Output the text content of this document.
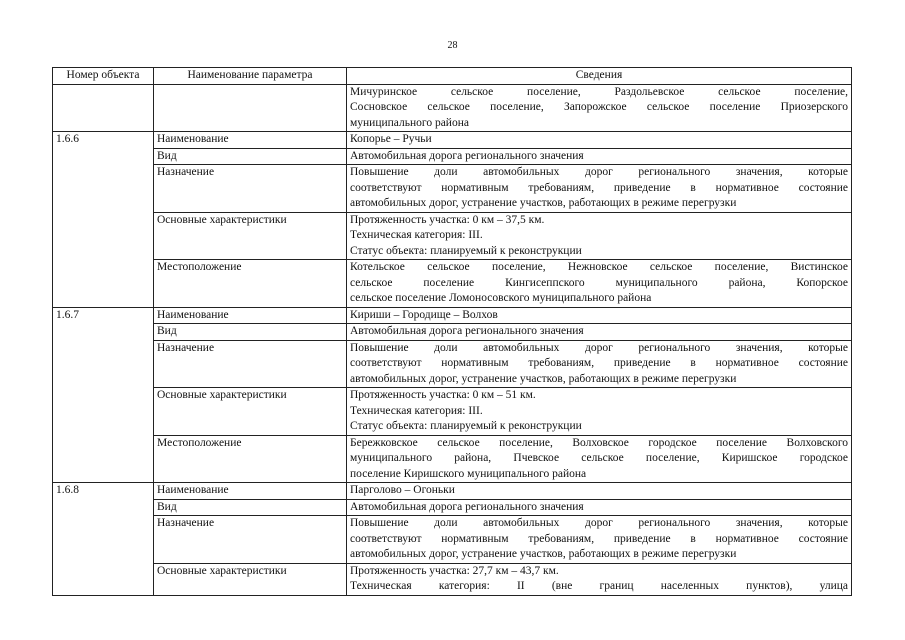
28
Номер объекта	Наименование параметра	Сведения

		Мичуринское сельское поселение, Раздольевское сельское поселение,
Сосновское сельское поселение, Запорожское сельское поселение Приозерского
муниципального района

1.6.6	Наименование	Копорье – Ручьи

	Вид	Автомобильная дорога регионального значения

	Назначение	Повышение доли автомобильных дорог регионального значения, которые
соответствуют нормативным требованиям, приведение в нормативное состояние
автомобильных дорог, устранение участков, работающих в режиме перегрузки

	Основные характеристики	Протяженность участка: 0 км – 37,5 км.
Техническая категория: III.
Статус объекта: планируемый к реконструкции

	Местоположение	Котельское сельское поселение, Нежновское сельское поселение, Вистинское
сельское поселение Кингисеппского муниципального района, Копорское
сельское поселение Ломоносовского муниципального района

1.6.7	Наименование	Кириши – Городище – Волхов

	Вид	Автомобильная дорога регионального значения

	Назначение	Повышение доли автомобильных дорог регионального значения, которые
соответствуют нормативным требованиям, приведение в нормативное состояние
автомобильных дорог, устранение участков, работающих в режиме перегрузки

	Основные характеристики	Протяженность участка: 0 км – 51 км.
Техническая категория: III.
Статус объекта: планируемый к реконструкции

	Местоположение	Бережковское сельское поселение, Волховское городское поселение Волховского
муниципального района, Пчевское сельское поселение, Киришское городское
поселение Киришского муниципального района

1.6.8	Наименование	Парголово – Огоньки

	Вид	Автомобильная дорога регионального значения

	Назначение	Повышение доли автомобильных дорог регионального значения, которые
соответствуют нормативным требованиям, приведение в нормативное состояние
автомобильных дорог, устранение участков, работающих в режиме перегрузки

	Основные характеристики	Протяженность участка: 27,7 км – 43,7 км.
Техническая категория: II (вне границ населенных пунктов), улица
